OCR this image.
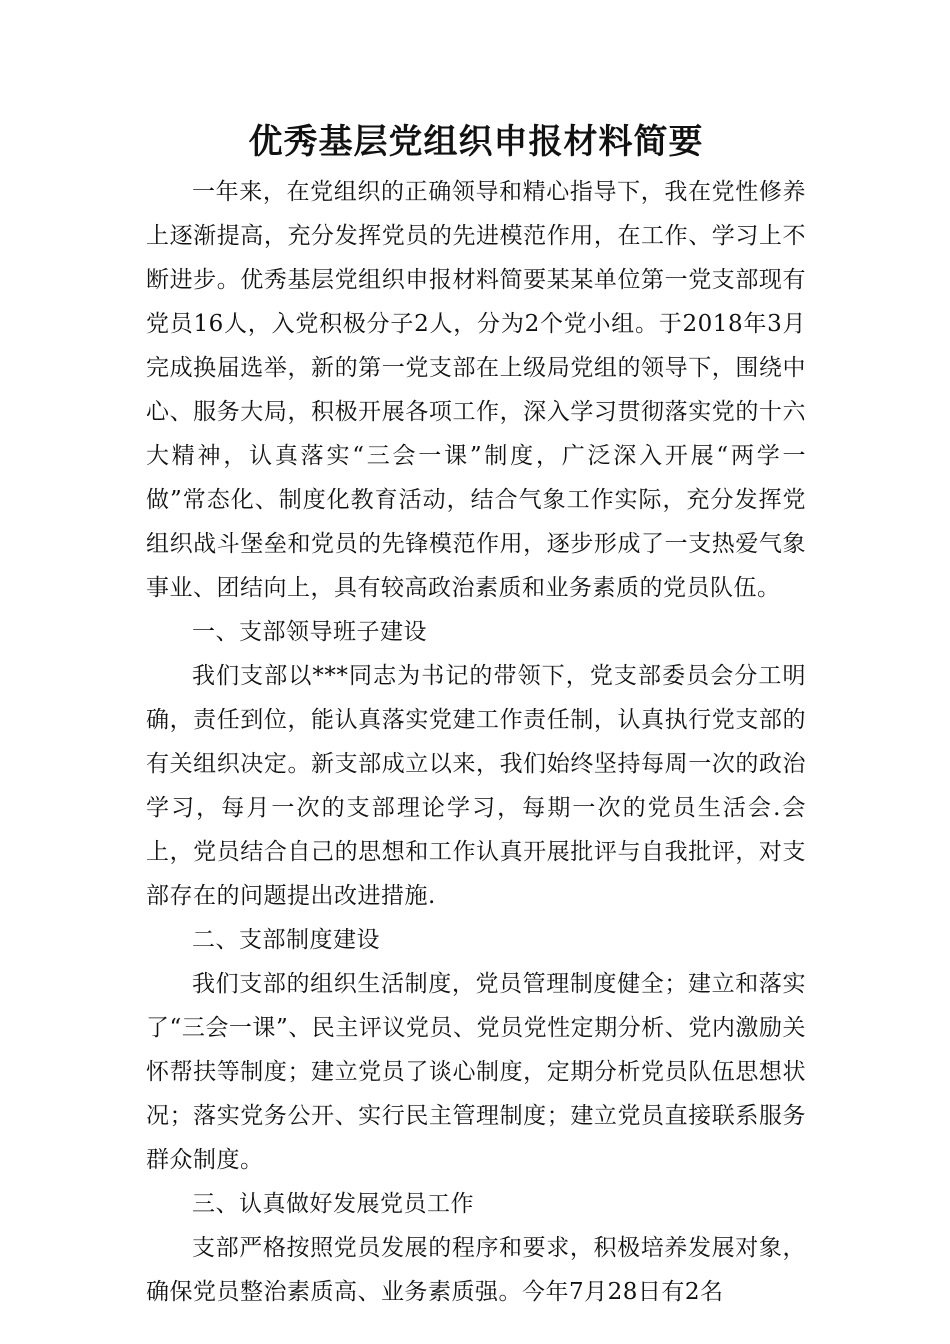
优秀基层党组织申报材料简要

一年来，在党组织的正确领导和精心指导下，我在党性修养上逐渐提高，充分发挥党员的先进模范作用，在工作、学习上不断进步。优秀基层党组织申报材料简要某某单位第一党支部现有党员16人，入党积极分子2人，分为2个党小组。于2018年3月完成换届选举，新的第一党支部在上级局党组的领导下，围绕中心、服务大局，积极开展各项工作，深入学习贯彻落实党的十六大精神，认真落实“三会一课”制度，广泛深入开展“两学一做”常态化、制度化教育活动，结合气象工作实际，充分发挥党组织战斗堡垒和党员的先锋模范作用，逐步形成了一支热爱气象事业、团结向上，具有较高政治素质和业务素质的党员队伍。

一、支部领导班子建设

我们支部以***同志为书记的带领下，党支部委员会分工明确，责任到位，能认真落实党建工作责任制，认真执行党支部的有关组织决定。新支部成立以来，我们始终坚持每周一次的政治学习，每月一次的支部理论学习，每期一次的党员生活会.会上，党员结合自己的思想和工作认真开展批评与自我批评，对支部存在的问题提出改进措施.

二、支部制度建设

我们支部的组织生活制度，党员管理制度健全；建立和落实了“三会一课”、民主评议党员、党员党性定期分析、党内激励关怀帮扶等制度；建立党员了谈心制度，定期分析党员队伍思想状况；落实党务公开、实行民主管理制度；建立党员直接联系服务群众制度。

三、认真做好发展党员工作

支部严格按照党员发展的程序和要求，积极培养发展对象，确保党员整治素质高、业务素质强。今年7月28日有2名
